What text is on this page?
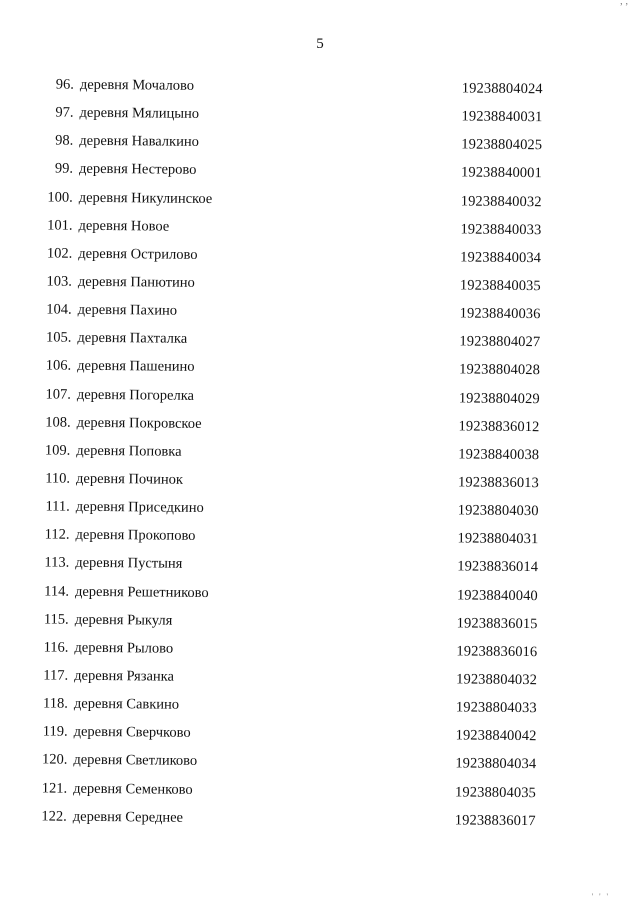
‚ ,
5
96. деревня Мочалово	19238804024
97. деревня Мялицыно	19238840031
98. деревня Навалкино	19238804025
99. деревня Нестерово	19238840001
100. деревня Никулинское	19238840032
101. деревня Новое	19238840033
102. деревня Острилово	19238840034
103. деревня Панютино	19238840035
104. деревня Пахино	19238840036
105. деревня Пахталка	19238804027
106. деревня Пашенино	19238804028
107. деревня Погорелка	19238804029
108. деревня Покровское	19238836012
109. деревня Поповка	19238840038
110. деревня Починок	19238836013
111. деревня Приседкино	19238804030
112. деревня Прокопово	19238804031
113. деревня Пустыня	19238836014
114. деревня Решетниково	19238840040
115. деревня Рыкуля	19238836015
116. деревня Рылово	19238836016
117. деревня Рязанка	19238804032
118. деревня Савкино	19238804033
119. деревня Сверчково	19238840042
120. деревня Светликово	19238804034
121. деревня Семенково	19238804035
122. деревня Середнее	19238836017
' ' '
